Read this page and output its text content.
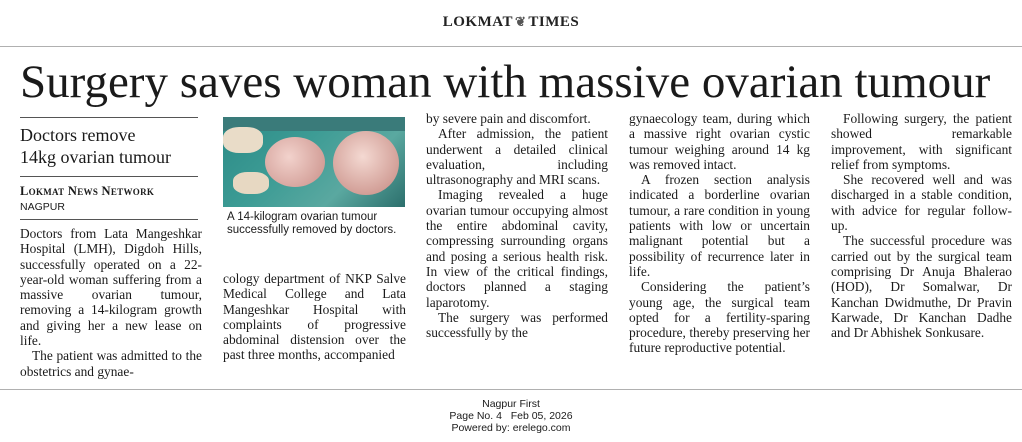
LOKMAT ❦ TIMES
Surgery saves woman with massive ovarian tumour
Doctors remove
14kg ovarian tumour
Lokmat News Network
NAGPUR

Doctors from Lata Mangeshkar Hospital (LMH), Digdoh Hills, successfully operated on a 22-year-old woman suffering from a massive ovarian tumour, removing a 14-kilogram growth and giving her a new lease on life.

The patient was admitted to the obstetrics and gynae-

A 14-kilogram ovarian tumour successfully removed by doctors.

cology department of NKP Salve Medical College and Lata Mangeshkar Hospital with complaints of progressive abdominal distension over the past three months, accompanied

by severe pain and discomfort.

After admission, the patient underwent a detailed clinical evaluation, including ultrasonography and MRI scans.

Imaging revealed a huge ovarian tumour occupying almost the entire abdominal cavity, compressing surrounding organs and posing a serious health risk. In view of the critical findings, doctors planned a staging laparotomy.

The surgery was performed successfully by the

gynaecology team, during which a massive right ovarian cystic tumour weighing around 14 kg was removed intact.

A frozen section analysis indicated a borderline ovarian tumour, a rare condition in young patients with low or uncertain malignant potential but a possibility of recurrence later in life.

Considering the patient’s young age, the surgical team opted for a fertility-sparing procedure, thereby preserving her future reproductive potential.

Following surgery, the patient showed remarkable improvement, with significant relief from symptoms.

She recovered well and was discharged in a stable condition, with advice for regular follow-up.

The successful procedure was carried out by the surgical team comprising Dr Anuja Bhalerao (HOD), Dr Somalwar, Dr Kanchan Dwidmuthe, Dr Pravin Karwade, Dr Kanchan Dadhe and Dr Abhishek Sonkusare.

Nagpur First
Page No. 4   Feb 05, 2026
Powered by: erelego.com
